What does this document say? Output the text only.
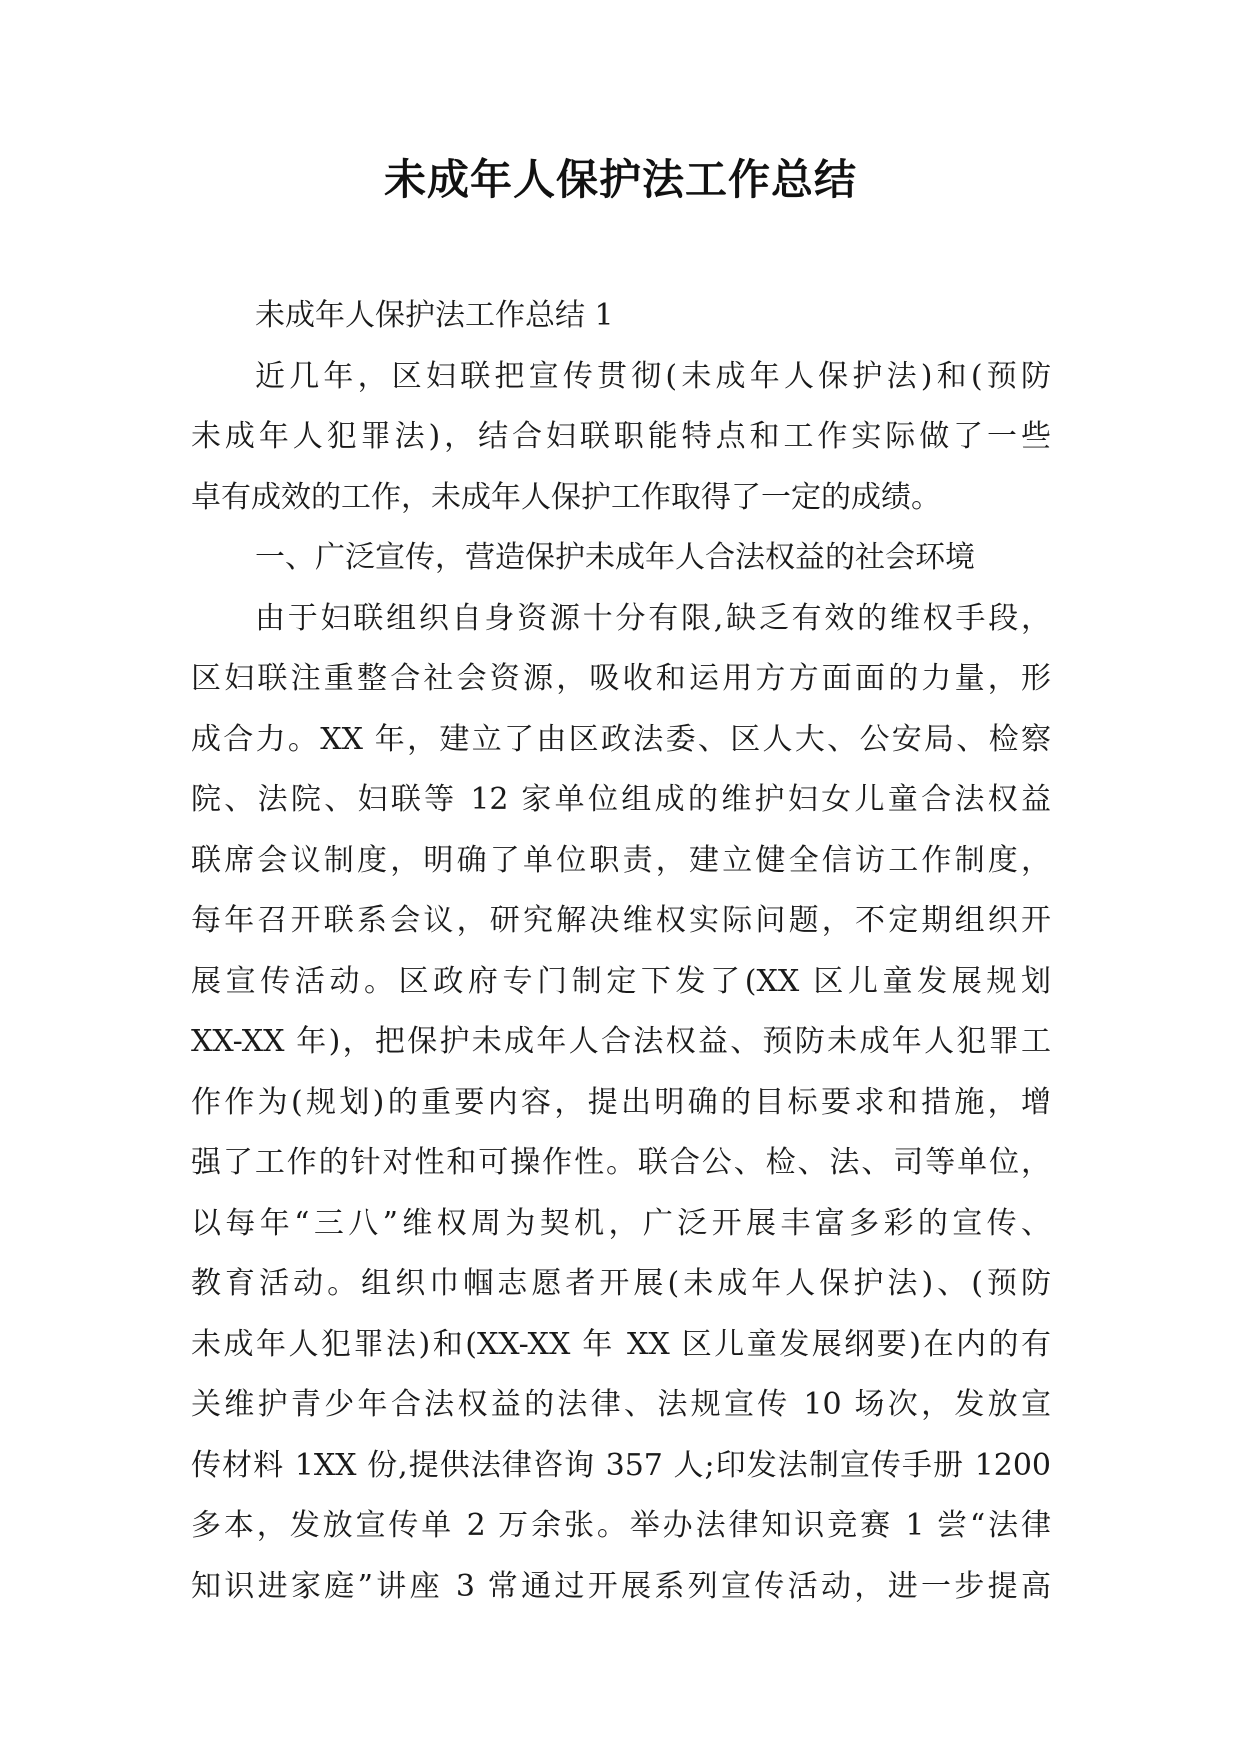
未成年人保护法工作总结
未成年人保护法工作总结 1
近几年，区妇联把宣传贯彻(未成年人保护法)和(预防
未成年人犯罪法)，结合妇联职能特点和工作实际做了一些
卓有成效的工作，未成年人保护工作取得了一定的成绩。
一、广泛宣传，营造保护未成年人合法权益的社会环境
由于妇联组织自身资源十分有限,缺乏有效的维权手段，
区妇联注重整合社会资源，吸收和运用方方面面的力量，形
成合力。XX 年，建立了由区政法委、区人大、公安局、检察
院、法院、妇联等 12 家单位组成的维护妇女儿童合法权益
联席会议制度，明确了单位职责，建立健全信访工作制度，
每年召开联系会议，研究解决维权实际问题，不定期组织开
展宣传活动。区政府专门制定下发了(XX 区儿童发展规划
XX-XX 年)，把保护未成年人合法权益、预防未成年人犯罪工
作作为(规划)的重要内容，提出明确的目标要求和措施，增
强了工作的针对性和可操作性。联合公、检、法、司等单位，
以每年“三八”维权周为契机，广泛开展丰富多彩的宣传、
教育活动。组织巾帼志愿者开展(未成年人保护法)、(预防
未成年人犯罪法)和(XX-XX 年 XX 区儿童发展纲要)在内的有
关维护青少年合法权益的法律、法规宣传 10 场次，发放宣
传材料 1XX 份,提供法律咨询 357 人;印发法制宣传手册 1200
多本，发放宣传单 2 万余张。举办法律知识竞赛 1 尝“法律
知识进家庭”讲座 3 常通过开展系列宣传活动，进一步提高
